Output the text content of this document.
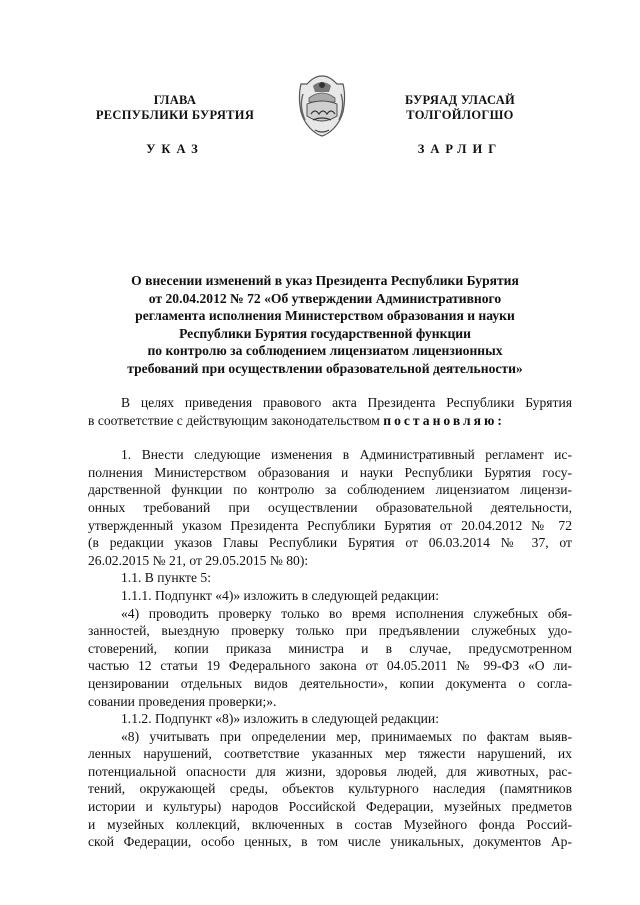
ГЛАВА
РЕСПУБЛИКИ БУРЯТИЯ
БУРЯАД УЛАСАЙ
ТОЛГОЙЛОГШО
УКАЗ	ЗАРЛИГ
О внесении изменений в указ Президента Республики Бурятия
от 20.04.2012 № 72 «Об утверждении Административного
регламента исполнения Министерством образования и науки
Республики Бурятия государственной функции
по контролю за соблюдением лицензиатом лицензионных
требований при осуществлении образовательной деятельности»
В целях приведения правового акта Президента Республики Бурятия
в соответствие с действующим законодательством постановляю:
1. Внести следующие изменения в Административный регламент ис-
полнения Министерством образования и науки Республики Бурятия госу-
дарственной функции по контролю за соблюдением лицензиатом лицензи-
онных требований при осуществлении образовательной деятельности,
утвержденный указом Президента Республики Бурятия от 20.04.2012 № 72
(в редакции указов Главы Республики Бурятия от 06.03.2014 № 37, от
26.02.2015 № 21, от 29.05.2015 № 80):
1.1. В пункте 5:
1.1.1. Подпункт «4)» изложить в следующей редакции:
«4) проводить проверку только во время исполнения служебных обя-
занностей, выездную проверку только при предъявлении служебных удо-
стоверений, копии приказа министра и в случае, предусмотренном
частью 12 статьи 19 Федерального закона от 04.05.2011 № 99-ФЗ «О ли-
цензировании отдельных видов деятельности», копии документа о согла-
совании проведения проверки;».
1.1.2. Подпункт «8)» изложить в следующей редакции:
«8) учитывать при определении мер, принимаемых по фактам выяв-
ленных нарушений, соответствие указанных мер тяжести нарушений, их
потенциальной опасности для жизни, здоровья людей, для животных, рас-
тений, окружающей среды, объектов культурного наследия (памятников
истории и культуры) народов Российской Федерации, музейных предметов
и музейных коллекций, включенных в состав Музейного фонда Россий-
ской Федерации, особо ценных, в том числе уникальных, документов Ар-
